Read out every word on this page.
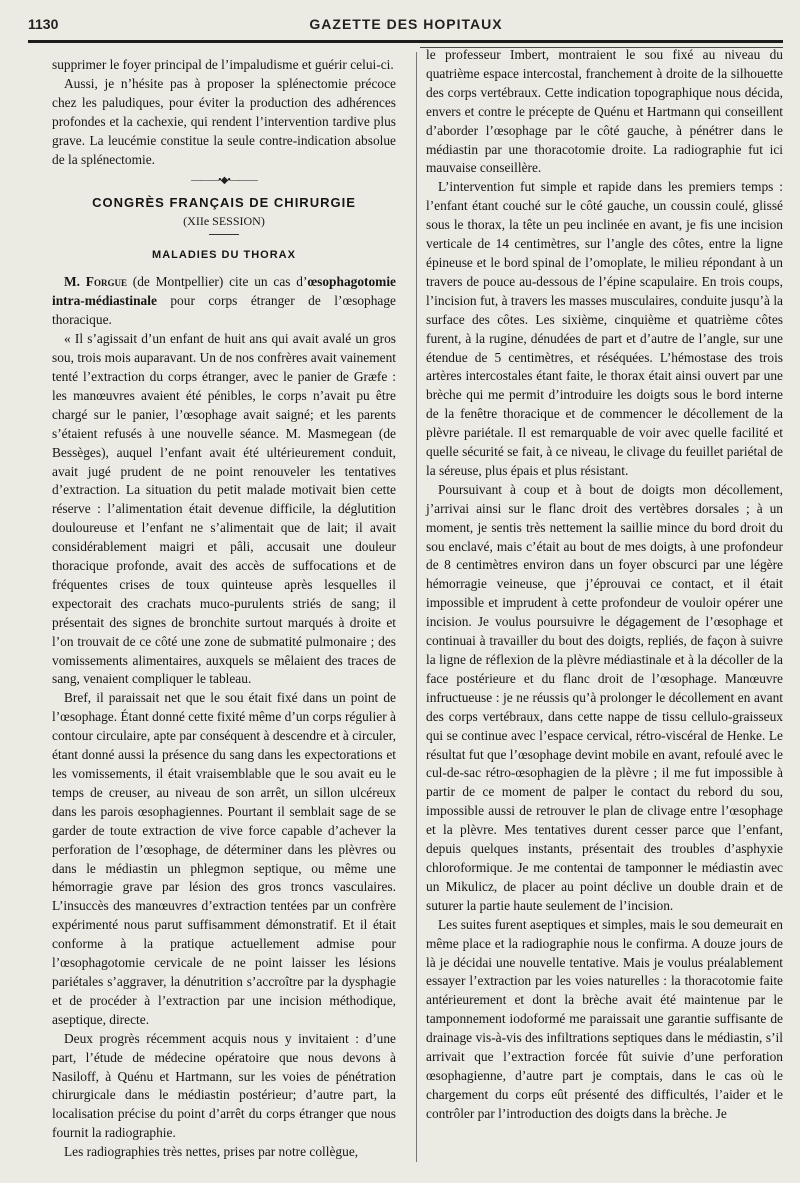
1130	GAZETTE DES HOPITAUX

supprimer le foyer principal de l’impaludisme et guérir celui-ci.

Aussi, je n’hésite pas à proposer la splénectomie précoce chez les paludiques, pour éviter la production des adhérences profondes et la cachexie, qui rendent l’intervention tardive plus grave. La leucémie constitue la seule contre-indication absolue de la splénectomie.

———•◆•———
CONGRÈS FRANÇAIS DE CHIRURGIE
(XIIe SESSION)
MALADIES DU THORAX

M. Forgue (de Montpellier) cite un cas d’œsophagotomie intra-médiastinale pour corps étranger de l’œsophage thoracique.

« Il s’agissait d’un enfant de huit ans qui avait avalé un gros sou, trois mois auparavant. Un de nos confrères avait vainement tenté l’extraction du corps étranger, avec le panier de Græfe : les manœuvres avaient été pénibles, le corps n’avait pu être chargé sur le panier, l’œsophage avait saigné; et les parents s’étaient refusés à une nouvelle séance. M. Masmegean (de Bessèges), auquel l’enfant avait été ultérieurement conduit, avait jugé prudent de ne point renouveler les tentatives d’extraction. La situation du petit malade motivait bien cette réserve : l’alimentation était devenue difficile, la déglutition douloureuse et l’enfant ne s’alimentait que de lait; il avait considérablement maigri et pâli, accusait une douleur thoracique profonde, avait des accès de suffocations et de fréquentes crises de toux quinteuse après lesquelles il expectorait des crachats muco-purulents striés de sang; il présentait des signes de bronchite surtout marqués à droite et l’on trouvait de ce côté une zone de submatité pulmonaire ; des vomissements alimentaires, auxquels se mêlaient des traces de sang, venaient compliquer le tableau.

Bref, il paraissait net que le sou était fixé dans un point de l’œsophage. Étant donné cette fixité même d’un corps régulier à contour circulaire, apte par conséquent à descendre et à circuler, étant donné aussi la présence du sang dans les expectorations et les vomissements, il était vraisemblable que le sou avait eu le temps de creuser, au niveau de son arrêt, un sillon ulcéreux dans les parois œsophagiennes. Pourtant il semblait sage de se garder de toute extraction de vive force capable d’achever la perforation de l’œsophage, de déterminer dans les plèvres ou dans le médiastin un phlegmon septique, ou même une hémorragie grave par lésion des gros troncs vasculaires. L’insuccès des manœuvres d’extraction tentées par un confrère expérimenté nous parut suffisamment démonstratif. Et il était conforme à la pratique actuellement admise pour l’œsophagotomie cervicale de ne point laisser les lésions pariétales s’aggraver, la dénutrition s’accroître par la dysphagie et de procéder à l’extraction par une incision méthodique, aseptique, directe.

Deux progrès récemment acquis nous y invitaient : d’une part, l’étude de médecine opératoire que nous devons à Nasiloff, à Quénu et Hartmann, sur les voies de pénétration chirurgicale dans le médiastin postérieur; d’autre part, la localisation précise du point d’arrêt du corps étranger que nous fournit la radiographie.

Les radiographies très nettes, prises par notre collègue,

le professeur Imbert, montraient le sou fixé au niveau du quatrième espace intercostal, franchement à droite de la silhouette des corps vertébraux. Cette indication topographique nous décida, envers et contre le précepte de Quénu et Hartmann qui conseillent d’aborder l’œsophage par le côté gauche, à pénétrer dans le médiastin par une thoracotomie droite. La radiographie fut ici mauvaise conseillère.

L’intervention fut simple et rapide dans les premiers temps : l’enfant étant couché sur le côté gauche, un coussin coulé, glissé sous le thorax, la tête un peu inclinée en avant, je fis une incision verticale de 14 centimètres, sur l’angle des côtes, entre la ligne épineuse et le bord spinal de l’omoplate, le milieu répondant à un travers de pouce au-dessous de l’épine scapulaire. En trois coups, l’incision fut, à travers les masses musculaires, conduite jusqu’à la surface des côtes. Les sixième, cinquième et quatrième côtes furent, à la rugine, dénudées de part et d’autre de l’angle, sur une étendue de 5 centimètres, et réséquées. L’hémostase des trois artères intercostales étant faite, le thorax était ainsi ouvert par une brèche qui me permit d’introduire les doigts sous le bord interne de la fenêtre thoracique et de commencer le décollement de la plèvre pariétale. Il est remarquable de voir avec quelle facilité et quelle sécurité se fait, à ce niveau, le clivage du feuillet pariétal de la séreuse, plus épais et plus résistant.

Poursuivant à coup et à bout de doigts mon décollement, j’arrivai ainsi sur le flanc droit des vertèbres dorsales ; à un moment, je sentis très nettement la saillie mince du bord droit du sou enclavé, mais c’était au bout de mes doigts, à une profondeur de 8 centimètres environ dans un foyer obscurci par une légère hémorragie veineuse, que j’éprouvai ce contact, et il était impossible et imprudent à cette profondeur de vouloir opérer une incision. Je voulus poursuivre le dégagement de l’œsophage et continuai à travailler du bout des doigts, repliés, de façon à suivre la ligne de réflexion de la plèvre médiastinale et à la décoller de la face postérieure et du flanc droit de l’œsophage. Manœuvre infructueuse : je ne réussis qu’à prolonger le décollement en avant des corps vertébraux, dans cette nappe de tissu cellulo-graisseux qui se continue avec l’espace cervical, rétro-viscéral de Henke. Le résultat fut que l’œsophage devint mobile en avant, refoulé avec le cul-de-sac rétro-œsophagien de la plèvre ; il me fut impossible à partir de ce moment de palper le contact du rebord du sou, impossible aussi de retrouver le plan de clivage entre l’œsophage et la plèvre. Mes tentatives durent cesser parce que l’enfant, depuis quelques instants, présentait des troubles d’asphyxie chloroformique. Je me contentai de tamponner le médiastin avec un Mikulicz, de placer au point déclive un double drain et de suturer la partie haute seulement de l’incision.

Les suites furent aseptiques et simples, mais le sou demeurait en même place et la radiographie nous le confirma. A douze jours de là je décidai une nouvelle tentative. Mais je voulus préalablement essayer l’extraction par les voies naturelles : la thoracotomie faite antérieurement et dont la brèche avait été maintenue par le tamponnement iodoformé me paraissait une garantie suffisante de drainage vis-à-vis des infiltrations septiques dans le médiastin, s’il arrivait que l’extraction forcée fût suivie d’une perforation œsophagienne, d’autre part je comptais, dans le cas où le chargement du corps eût présenté des difficultés, l’aider et le contrôler par l’introduction des doigts dans la brèche. Je
